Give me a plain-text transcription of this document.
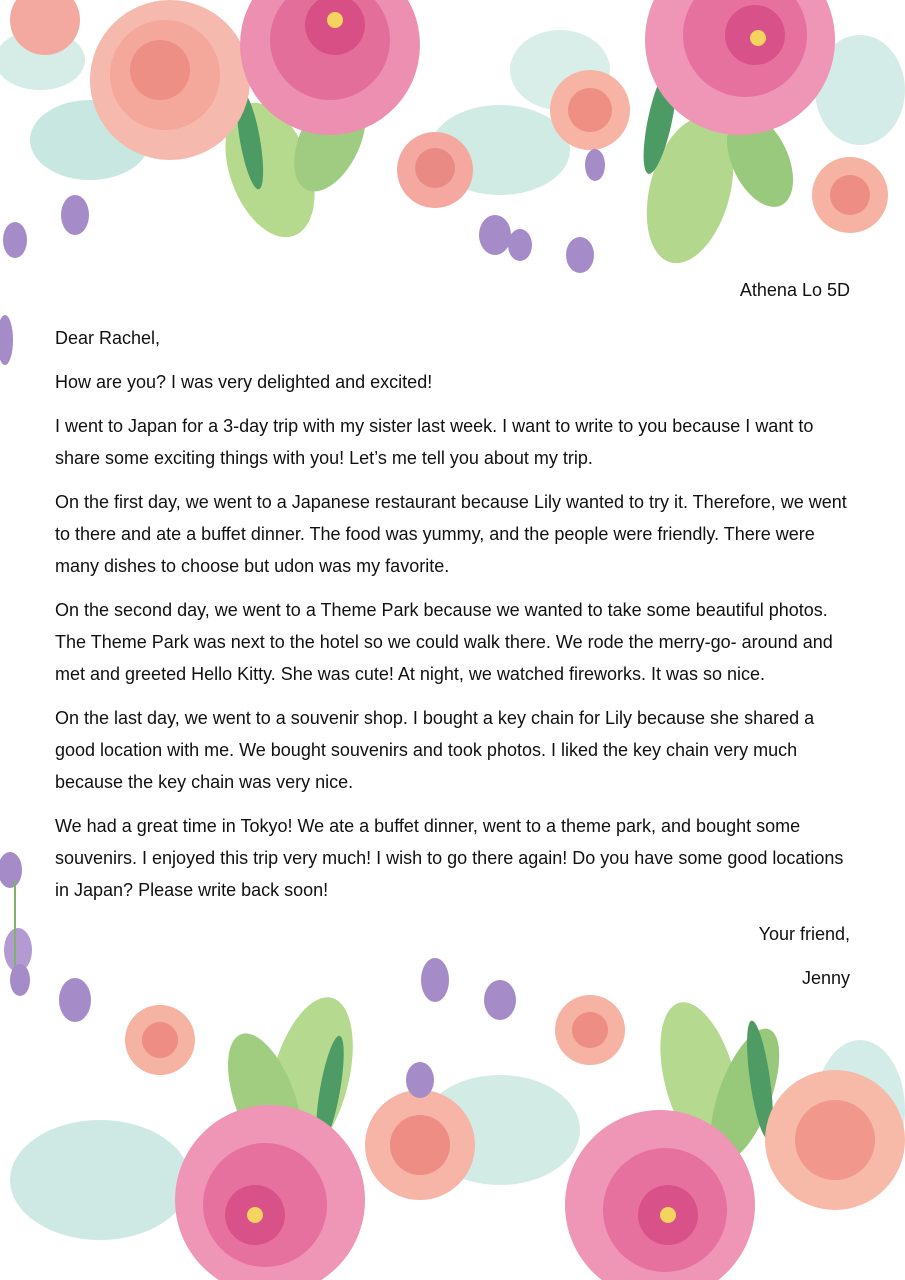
Athena Lo 5D

Dear Rachel,

How are you? I was very delighted and excited!

I went to Japan for a 3-day trip with my sister last week. I want to write to you because I want to share some exciting things with you! Let’s me tell you about my trip.

On the first day, we went to a Japanese restaurant because Lily wanted to try it. Therefore, we went to there and ate a buffet dinner. The food was yummy, and the people were friendly. There were many dishes to choose but udon was my favorite.

On the second day, we went to a Theme Park because we wanted to take some beautiful photos. The Theme Park was next to the hotel so we could walk there. We rode the merry-go- around and met and greeted Hello Kitty. She was cute! At night, we watched fireworks. It was so nice.

On the last day, we went to a souvenir shop. I bought a key chain for Lily because she shared a good location with me. We bought souvenirs and took photos. I liked the key chain very much because the key chain was very nice.

We had a great time in Tokyo! We ate a buffet dinner, went to a theme park, and bought some souvenirs. I enjoyed this trip very much! I wish to go there again! Do you have some good locations in Japan? Please write back soon!

Your friend,

Jenny
